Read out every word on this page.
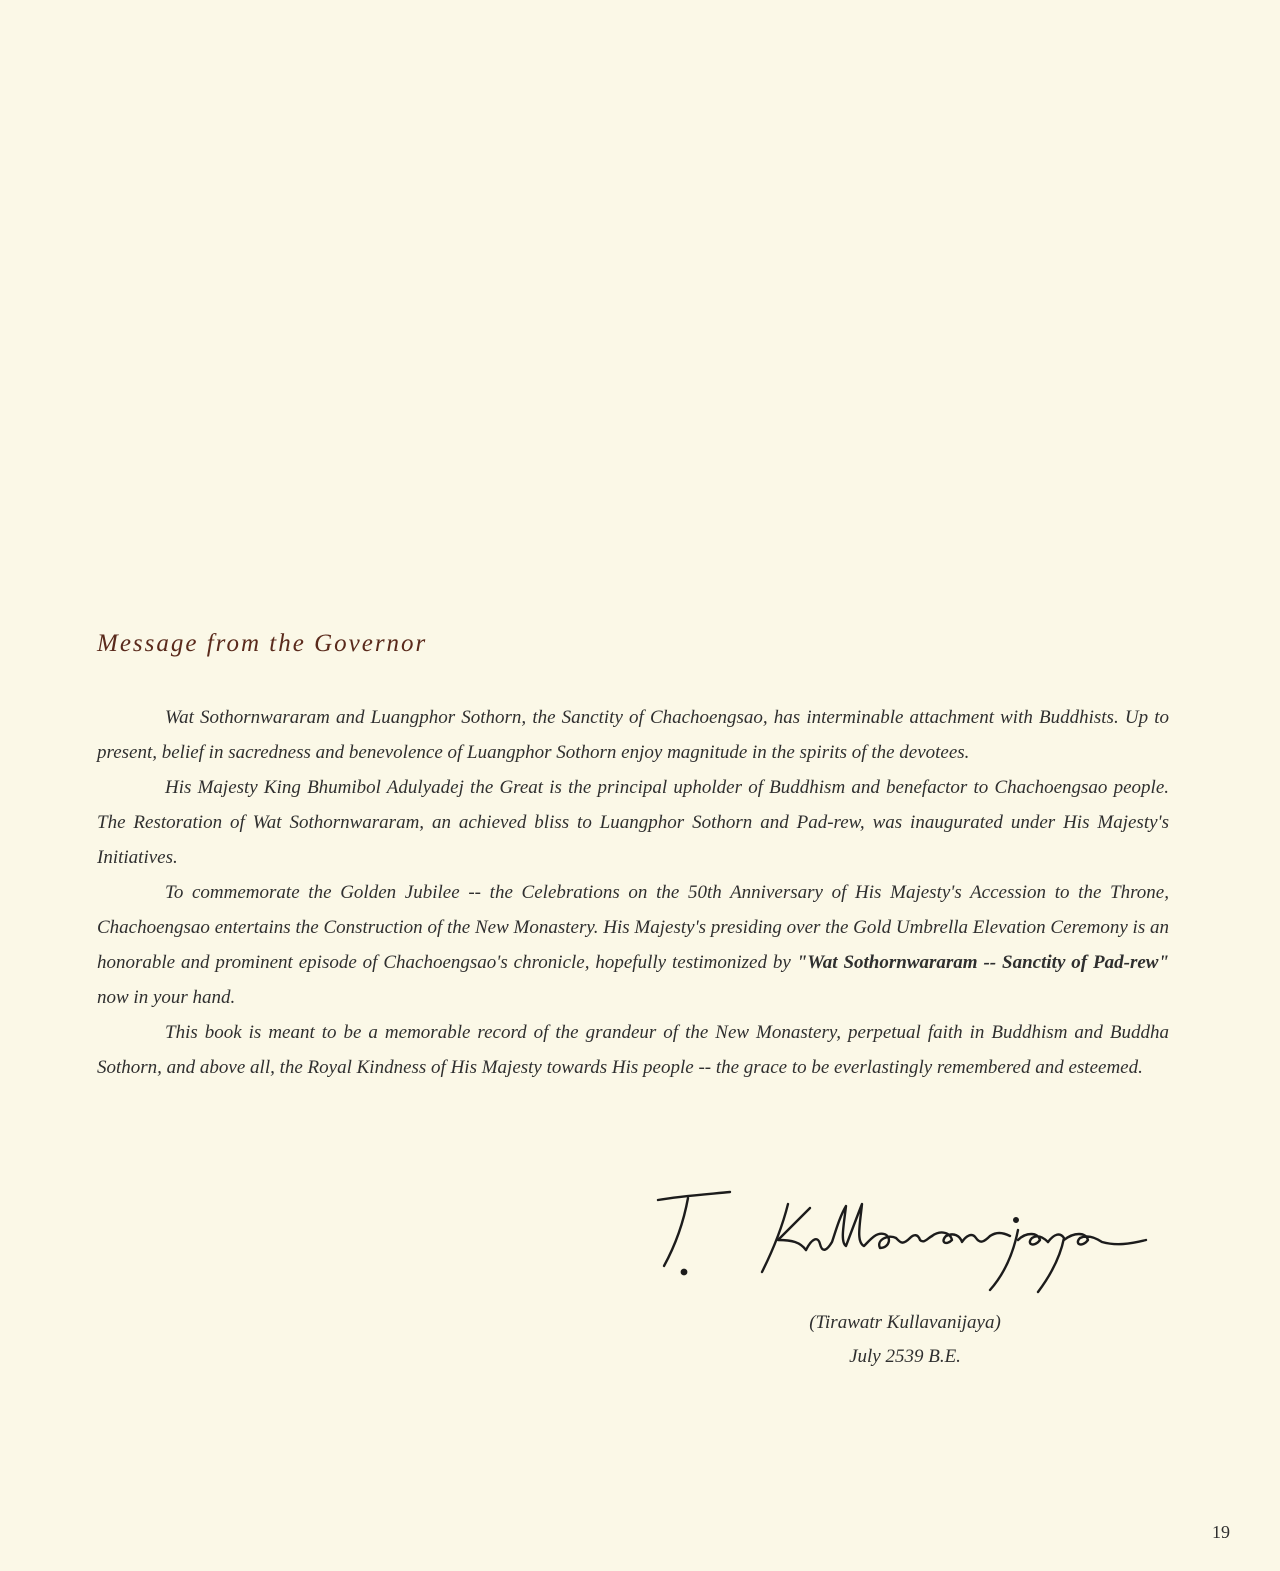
Message from the Governor

Wat Sothornwararam and Luangphor Sothorn, the Sanctity of Chachoengsao, has interminable attachment with Buddhists. Up to present, belief in sacredness and benevolence of Luangphor Sothorn enjoy magnitude in the spirits of the devotees.

His Majesty King Bhumibol Adulyadej the Great is the principal upholder of Buddhism and benefactor to Chachoengsao people. The Restoration of Wat Sothornwararam, an achieved bliss to Luangphor Sothorn and Pad-rew, was inaugurated under His Majesty's Initiatives.

To commemorate the Golden Jubilee -- the Celebrations on the 50th Anniversary of His Majesty's Accession to the Throne, Chachoengsao entertains the Construction of the New Monastery. His Majesty's presiding over the Gold Umbrella Elevation Ceremony is an honorable and prominent episode of Chachoengsao's chronicle, hopefully testimonized by "Wat Sothornwararam -- Sanctity of Pad-rew" now in your hand.

This book is meant to be a memorable record of the grandeur of the New Monastery, perpetual faith in Buddhism and Buddha Sothorn, and above all, the Royal Kindness of His Majesty towards His people -- the grace to be everlastingly remembered and esteemed.

(Tirawatr Kullavanijaya)
July 2539 B.E.
19
